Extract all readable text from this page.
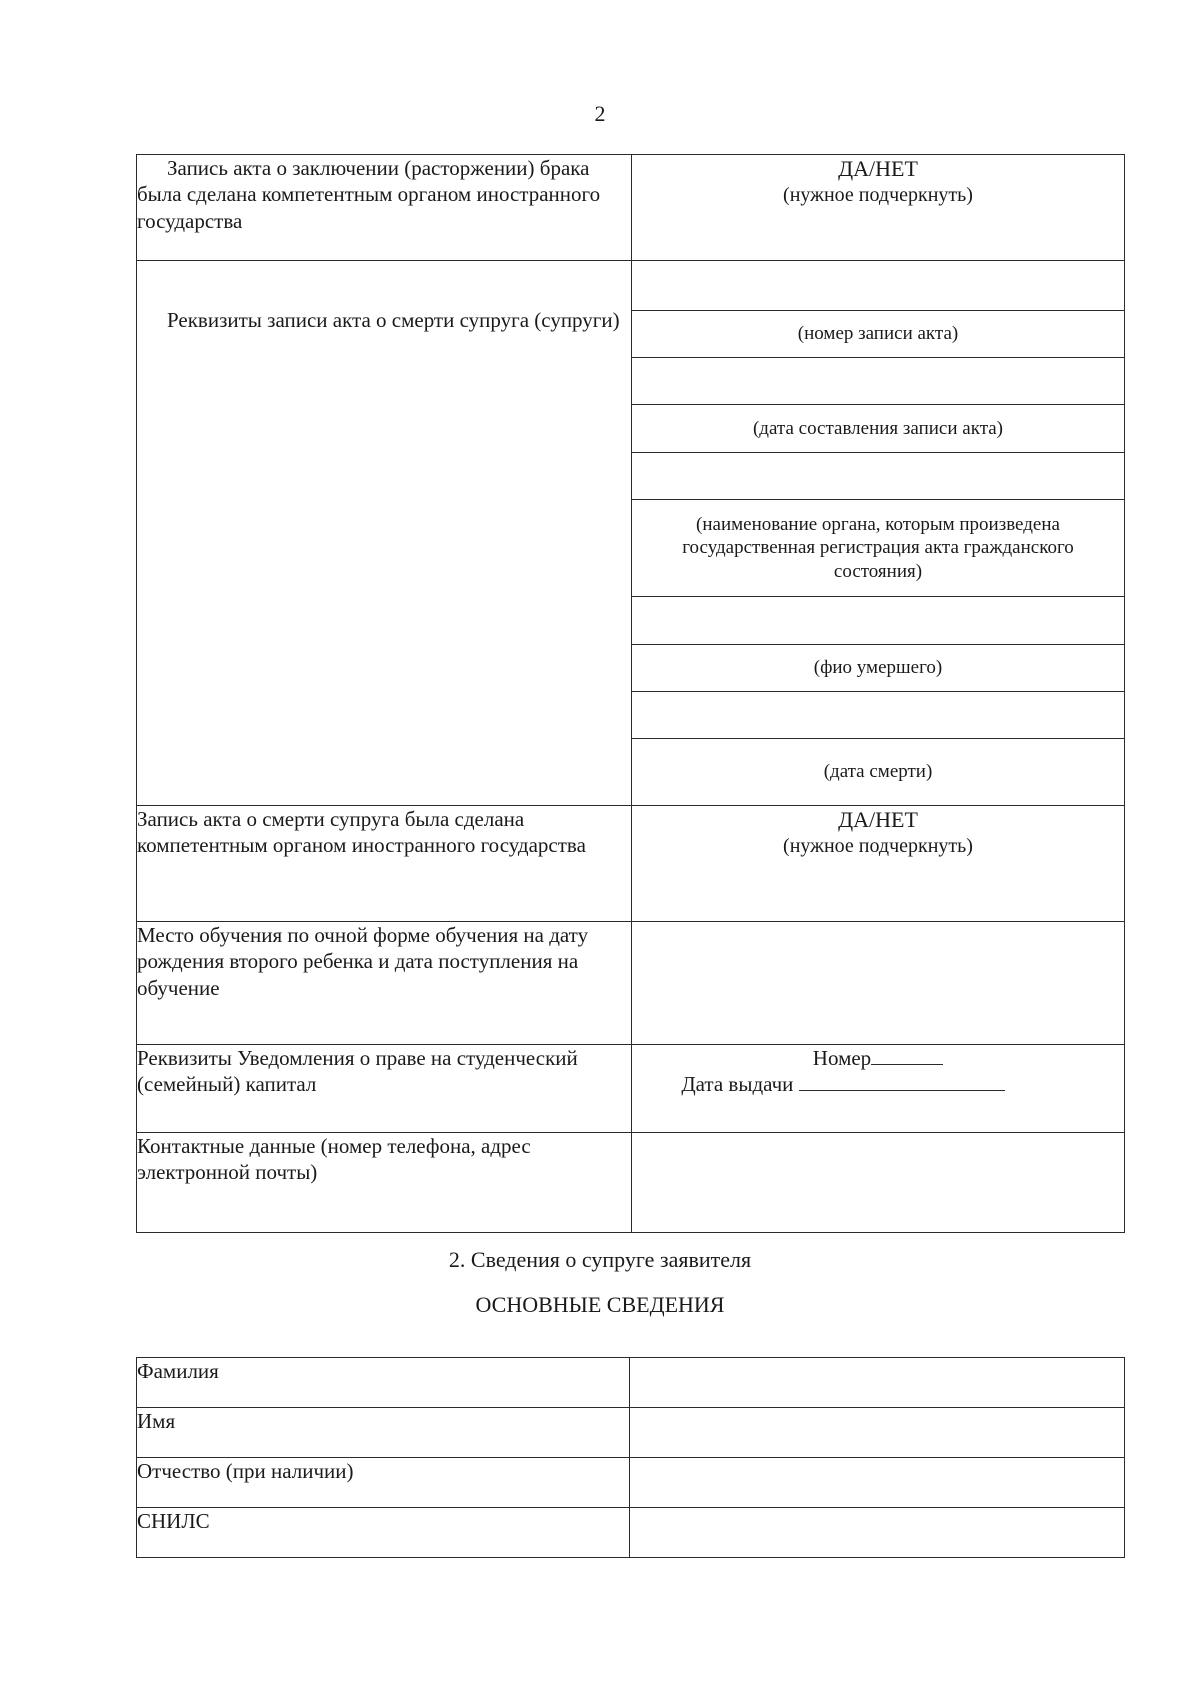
2
Запись акта о заключении (расторжении) брака была сделана компетентным органом иностранного государства	ДА/НЕТ
(нужное подчеркнуть)

Реквизиты записи акта о смерти супруга (супруги)	
	(номер записи акта)

	(дата составления записи акта)

	(наименование органа, которым произведена государственная регистрация акта гражданского состояния)

	(фио умершего)

	(дата смерти)
Запись акта о смерти супруга была сделана компетентным органом иностранного государства	ДА/НЕТ
(нужное подчеркнуть)

Место обучения по очной форме обучения на дату рождения второго ребенка и дата поступления на обучение	
Реквизиты Уведомления о праве на студенческий (семейный) капитал	Номер
Дата выдачи

Контактные данные (номер телефона, адрес электронной почты)	
2. Сведения о супруге заявителя
ОСНОВНЫЕ СВЕДЕНИЯ
Фамилия	
Имя	
Отчество (при наличии)	
СНИЛС	
